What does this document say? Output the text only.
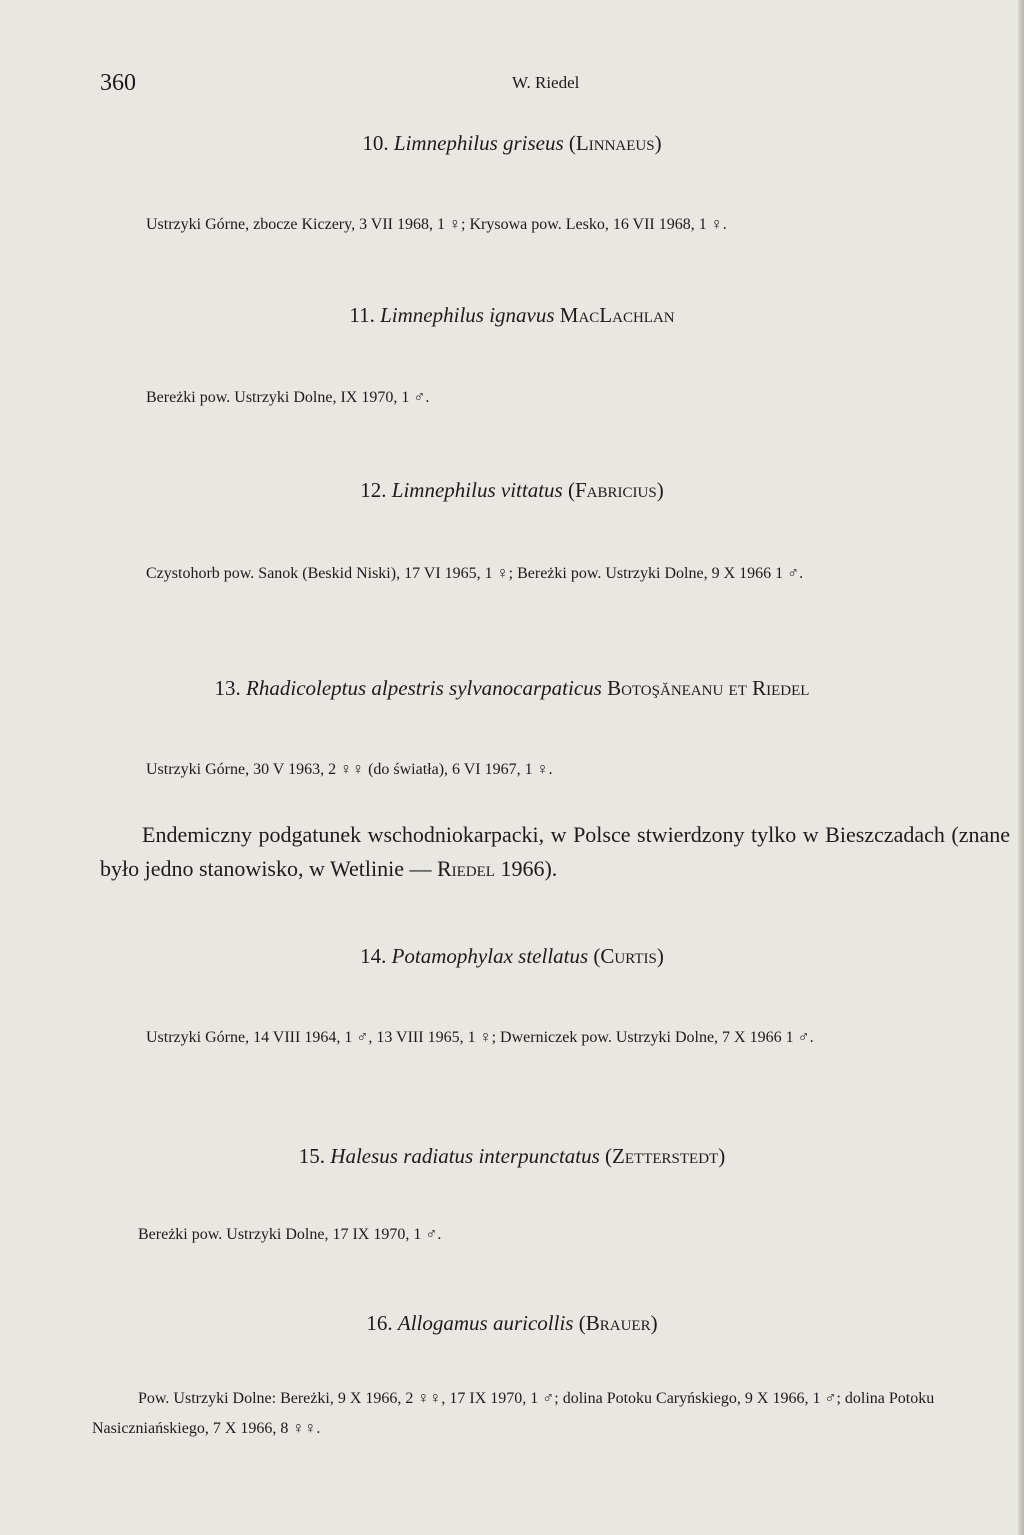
360	W. Riedel
10. Limnephilus griseus (Linnaeus)
Ustrzyki Górne, zbocze Kiczery, 3 VII 1968, 1 ♀; Krysowa pow. Lesko, 16 VII 1968, 1 ♀.
11. Limnephilus ignavus MacLachlan
Bereżki pow. Ustrzyki Dolne, IX 1970, 1 ♂.
12. Limnephilus vittatus (Fabricius)
Czystohorb pow. Sanok (Beskid Niski), 17 VI 1965, 1 ♀; Bereżki pow. Ustrzyki Dolne, 9 X 1966 1 ♂.
13. Rhadicoleptus alpestris sylvanocarpaticus Botoşăneanu et Riedel
Ustrzyki Górne, 30 V 1963, 2 ♀♀ (do światła), 6 VI 1967, 1 ♀.
Endemiczny podgatunek wschodniokarpacki, w Polsce stwierdzony tylko w Bieszczadach (znane było jedno stanowisko, w Wetlinie — Riedel 1966).
14. Potamophylax stellatus (Curtis)
Ustrzyki Górne, 14 VIII 1964, 1 ♂, 13 VIII 1965, 1 ♀; Dwerniczek pow. Ustrzyki Dolne, 7 X 1966 1 ♂.
15. Halesus radiatus interpunctatus (Zetterstedt)
Bereżki pow. Ustrzyki Dolne, 17 IX 1970, 1 ♂.
16. Allogamus auricollis (Brauer)
Pow. Ustrzyki Dolne: Bereżki, 9 X 1966, 2 ♀♀, 17 IX 1970, 1 ♂; dolina Potoku Caryńskiego, 9 X 1966, 1 ♂; dolina Potoku Nasiczniańskiego, 7 X 1966, 8 ♀♀.
